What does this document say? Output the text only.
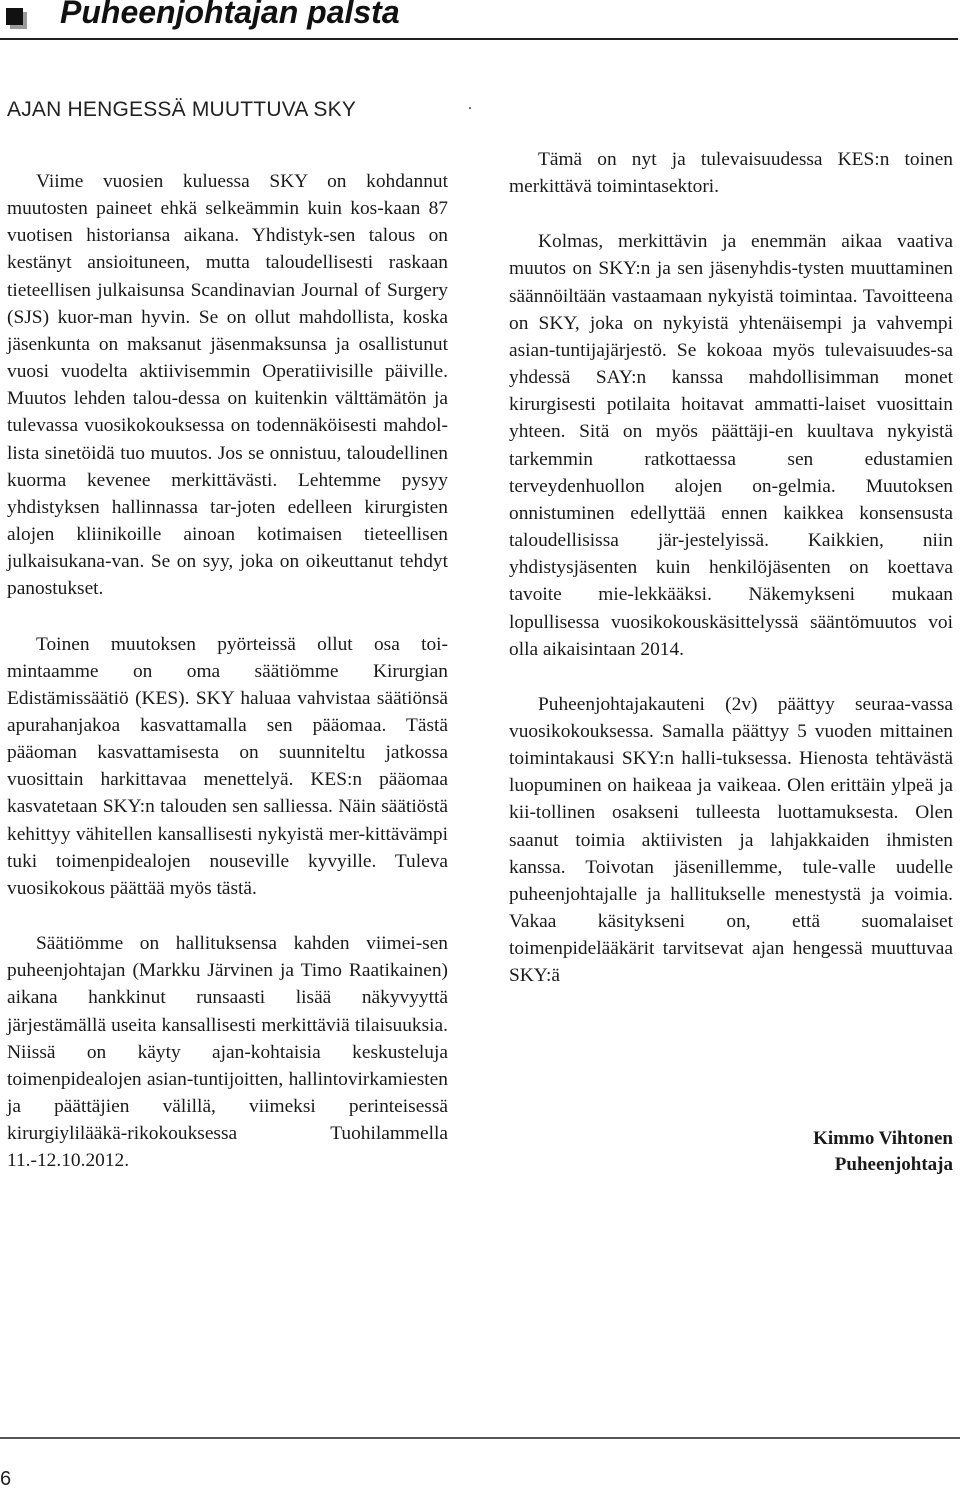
Puheenjohtajan palsta
.
AJAN HENGESSÄ MUUTTUVA SKY

Viime vuosien kuluessa SKY on kohdannut muutosten paineet ehkä selkeämmin kuin kos-kaan 87 vuotisen historiansa aikana. Yhdistyk-sen talous on kestänyt ansioituneen, mutta taloudellisesti raskaan tieteellisen julkaisunsa Scandinavian Journal of Surgery (SJS) kuor-man hyvin. Se on ollut mahdollista, koska jäsenkunta on maksanut jäsenmaksunsa ja osallistunut vuosi vuodelta aktiivisemmin Operatiivisille päiville. Muutos lehden talou-dessa on kuitenkin välttämätön ja tulevassa vuosikokouksessa on todennäköisesti mahdol-lista sinetöidä tuo muutos. Jos se onnistuu, taloudellinen kuorma kevenee merkittävästi. Lehtemme pysyy yhdistyksen hallinnassa tar-joten edelleen kirurgisten alojen kliinikoille ainoan kotimaisen tieteellisen julkaisukana-van. Se on syy, joka on oikeuttanut tehdyt panostukset.

Toinen muutoksen pyörteissä ollut osa toi-mintaamme on oma säätiömme Kirurgian Edistämissäätiö (KES). SKY haluaa vahvistaa säätiönsä apurahanjakoa kasvattamalla sen pääomaa. Tästä pääoman kasvattamisesta on suunniteltu jatkossa vuosittain harkittavaa menettelyä. KES:n pääomaa kasvatetaan SKY:n talouden sen salliessa. Näin säätiöstä kehittyy vähitellen kansallisesti nykyistä mer-kittävämpi tuki toimenpidealojen nouseville kyvyille. Tuleva vuosikokous päättää myös tästä.

Säätiömme on hallituksensa kahden viimei-sen puheenjohtajan (Markku Järvinen ja Timo Raatikainen) aikana hankkinut runsaasti lisää näkyvyyttä järjestämällä useita kansallisesti merkittäviä tilaisuuksia. Niissä on käyty ajan-kohtaisia keskusteluja toimenpidealojen asian-tuntijoitten, hallintovirkamiesten ja päättäjien välillä, viimeksi perinteisessä kirurgiylilääkä-rikokouksessa Tuohilammella 11.-12.10.2012.

Tämä on nyt ja tulevaisuudessa KES:n toinen merkittävä toimintasektori.

Kolmas, merkittävin ja enemmän aikaa vaativa muutos on SKY:n ja sen jäsenyhdis-tysten muuttaminen säännöiltään vastaamaan nykyistä toimintaa. Tavoitteena on SKY, joka on nykyistä yhtenäisempi ja vahvempi asian-tuntijajärjestö. Se kokoaa myös tulevaisuudes-sa yhdessä SAY:n kanssa mahdollisimman monet kirurgisesti potilaita hoitavat ammatti-laiset vuosittain yhteen. Sitä on myös päättäji-en kuultava nykyistä tarkemmin ratkottaessa sen edustamien terveydenhuollon alojen on-gelmia. Muutoksen onnistuminen edellyttää ennen kaikkea konsensusta taloudellisissa jär-jestelyissä. Kaikkien, niin yhdistysjäsenten kuin henkilöjäsenten on koettava tavoite mie-lekkääksi. Näkemykseni mukaan lopullisessa vuosikokouskäsittelyssä sääntömuutos voi olla aikaisintaan 2014.

Puheenjohtajakauteni (2v) päättyy seuraa-vassa vuosikokouksessa. Samalla päättyy 5 vuoden mittainen toimintakausi SKY:n halli-tuksessa. Hienosta tehtävästä luopuminen on haikeaa ja vaikeaa. Olen erittäin ylpeä ja kii-tollinen osakseni tulleesta luottamuksesta. Olen saanut toimia aktiivisten ja lahjakkaiden ihmisten kanssa. Toivotan jäsenillemme, tule-valle uudelle puheenjohtajalle ja hallitukselle menestystä ja voimia. Vakaa käsitykseni on, että suomalaiset toimenpidelääkärit tarvitsevat ajan hengessä muuttuvaa SKY:ä

Kimmo Vihtonen
Puheenjohtaja
6
